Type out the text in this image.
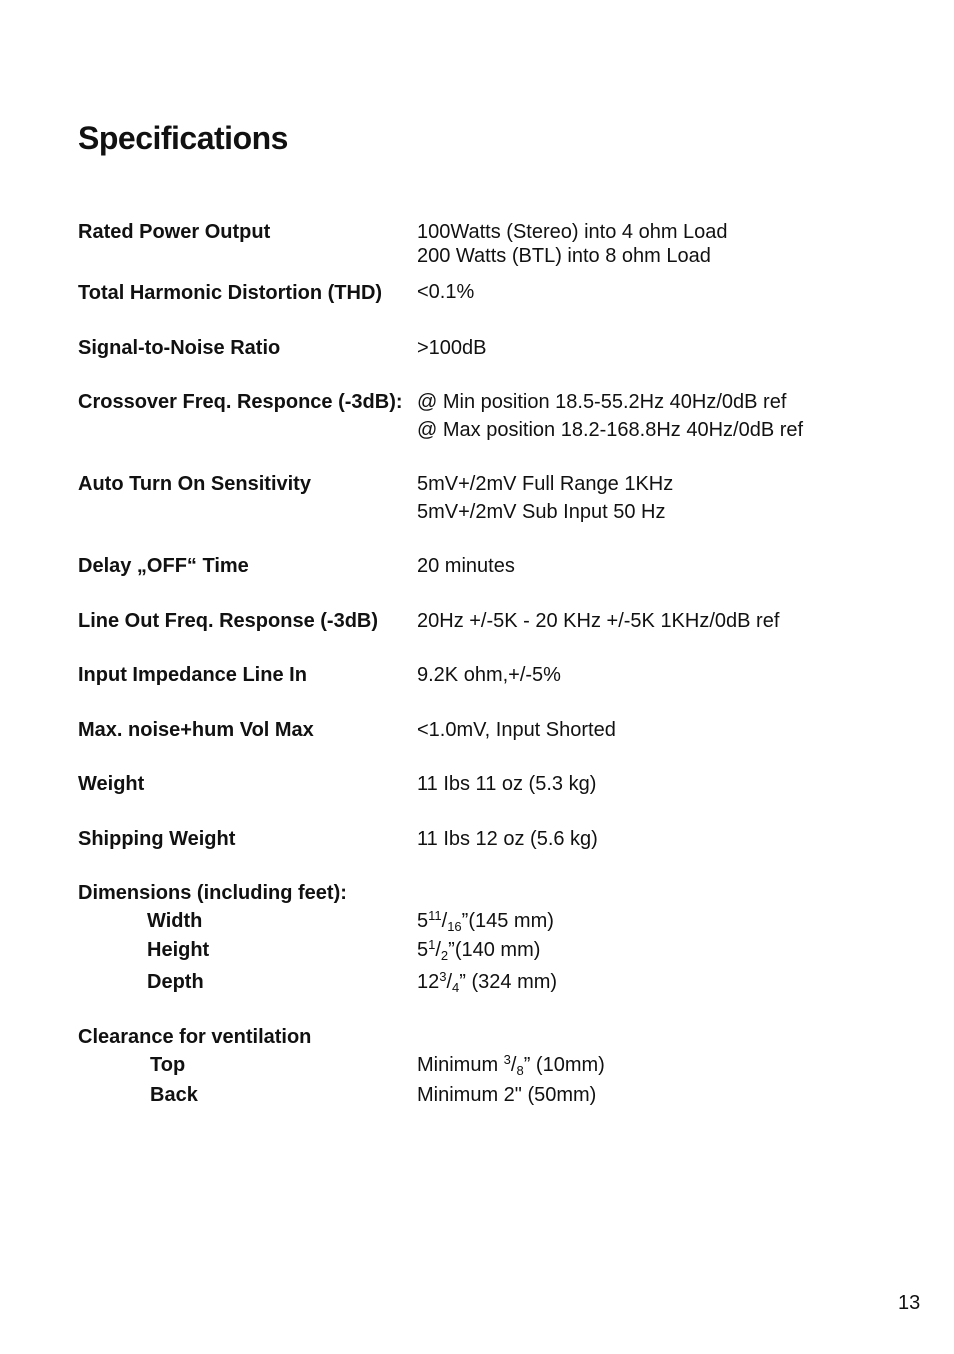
Specifications
Rated Power Output	100Watts (Stereo) into 4 ohm Load
200 Watts (BTL) into 8 ohm Load
Total Harmonic Distortion (THD) <0.1%
Signal-to-Noise Ratio	>100dB
Crossover Freq. Responce (-3dB): @ Min position 18.5-55.2Hz 40Hz/0dB ref
@ Max position 18.2-168.8Hz 40Hz/0dB ref
Auto Turn On Sensitivity	5mV+/2mV Full Range 1KHz
5mV+/2mV Sub Input 50 Hz
Delay „OFF“ Time	20 minutes
Line Out Freq. Response (-3dB) 20Hz +/-5K - 20 KHz +/-5K 1KHz/0dB ref
Input Impedance Line In	9.2K ohm,+/-5%
Max. noise+hum Vol Max	<1.0mV, Input Shorted
Weight	11 Ibs 11 oz (5.3 kg)
Shipping Weight	11 Ibs 12 oz (5.6 kg)
Dimensions (including feet):
Width	$5^{11}/_{16}”(145$ mm)
Height	$5^1/_2”(140$ mm)
Depth	$12^3/_4$” (324 mm)
Clearance for ventilation
Top	Minimum $^3/_8$” (10mm)
Back	Minimum 2" (50mm)
13
